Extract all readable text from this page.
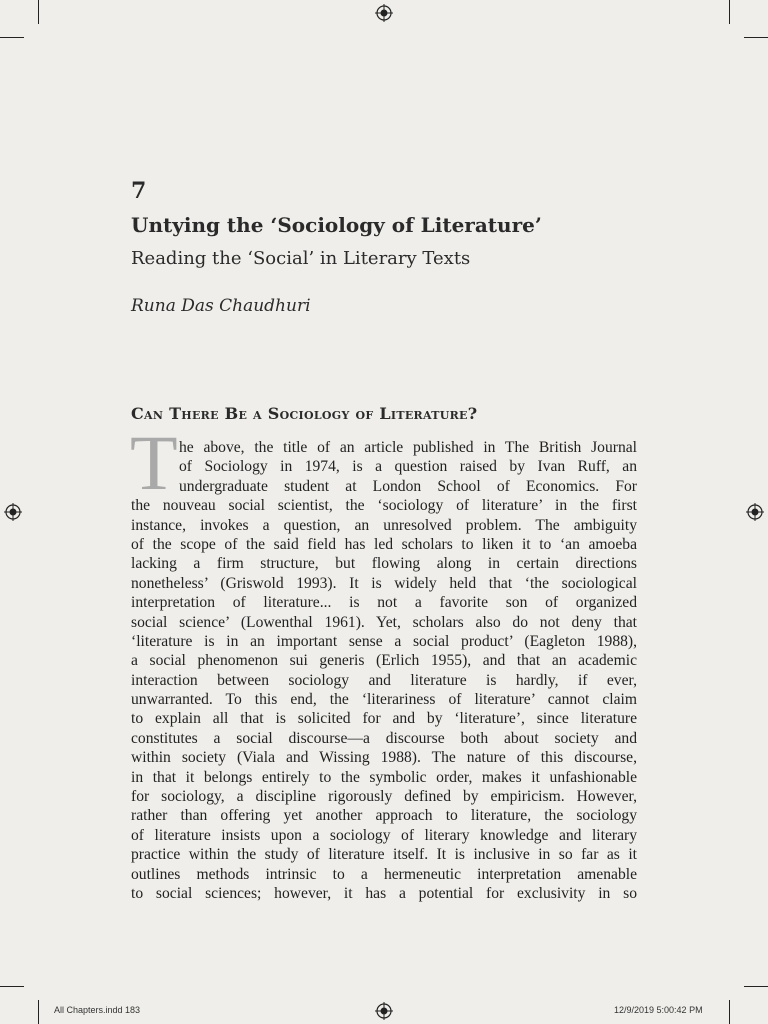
7
Untying the ‘Sociology of Literature’
Reading the ‘Social’ in Literary Texts
Runa Das Chaudhuri
Can There Be a Sociology of Literature?
T he above, the title of an article published in The British Journal
of Sociology in 1974, is a question raised by Ivan Ruff, an
undergraduate student at London School of Economics. For
the nouveau social scientist, the ‘sociology of literature’ in the first
instance, invokes a question, an unresolved problem. The ambiguity
of the scope of the said field has led scholars to liken it to ‘an amoeba
lacking a firm structure, but flowing along in certain directions
nonetheless’ (Griswold 1993). It is widely held that ‘the sociological
interpretation of literature... is not a favorite son of organized
social science’ (Lowenthal 1961). Yet, scholars also do not deny that
‘literature is in an important sense a social product’ (Eagleton 1988),
a social phenomenon sui generis (Erlich 1955), and that an academic
interaction between sociology and literature is hardly, if ever,
unwarranted. To this end, the ‘literariness of literature’ cannot claim
to explain all that is solicited for and by ‘literature’, since literature
constitutes a social discourse—a discourse both about society and
within society (Viala and Wissing 1988). The nature of this discourse,
in that it belongs entirely to the symbolic order, makes it unfashionable
for sociology, a discipline rigorously defined by empiricism. However,
rather than offering yet another approach to literature, the sociology
of literature insists upon a sociology of literary knowledge and literary
practice within the study of literature itself. It is inclusive in so far as it
outlines methods intrinsic to a hermeneutic interpretation amenable
to social sciences; however, it has a potential for exclusivity in so
All Chapters.indd 183	12/9/2019 5:00:42 PM
